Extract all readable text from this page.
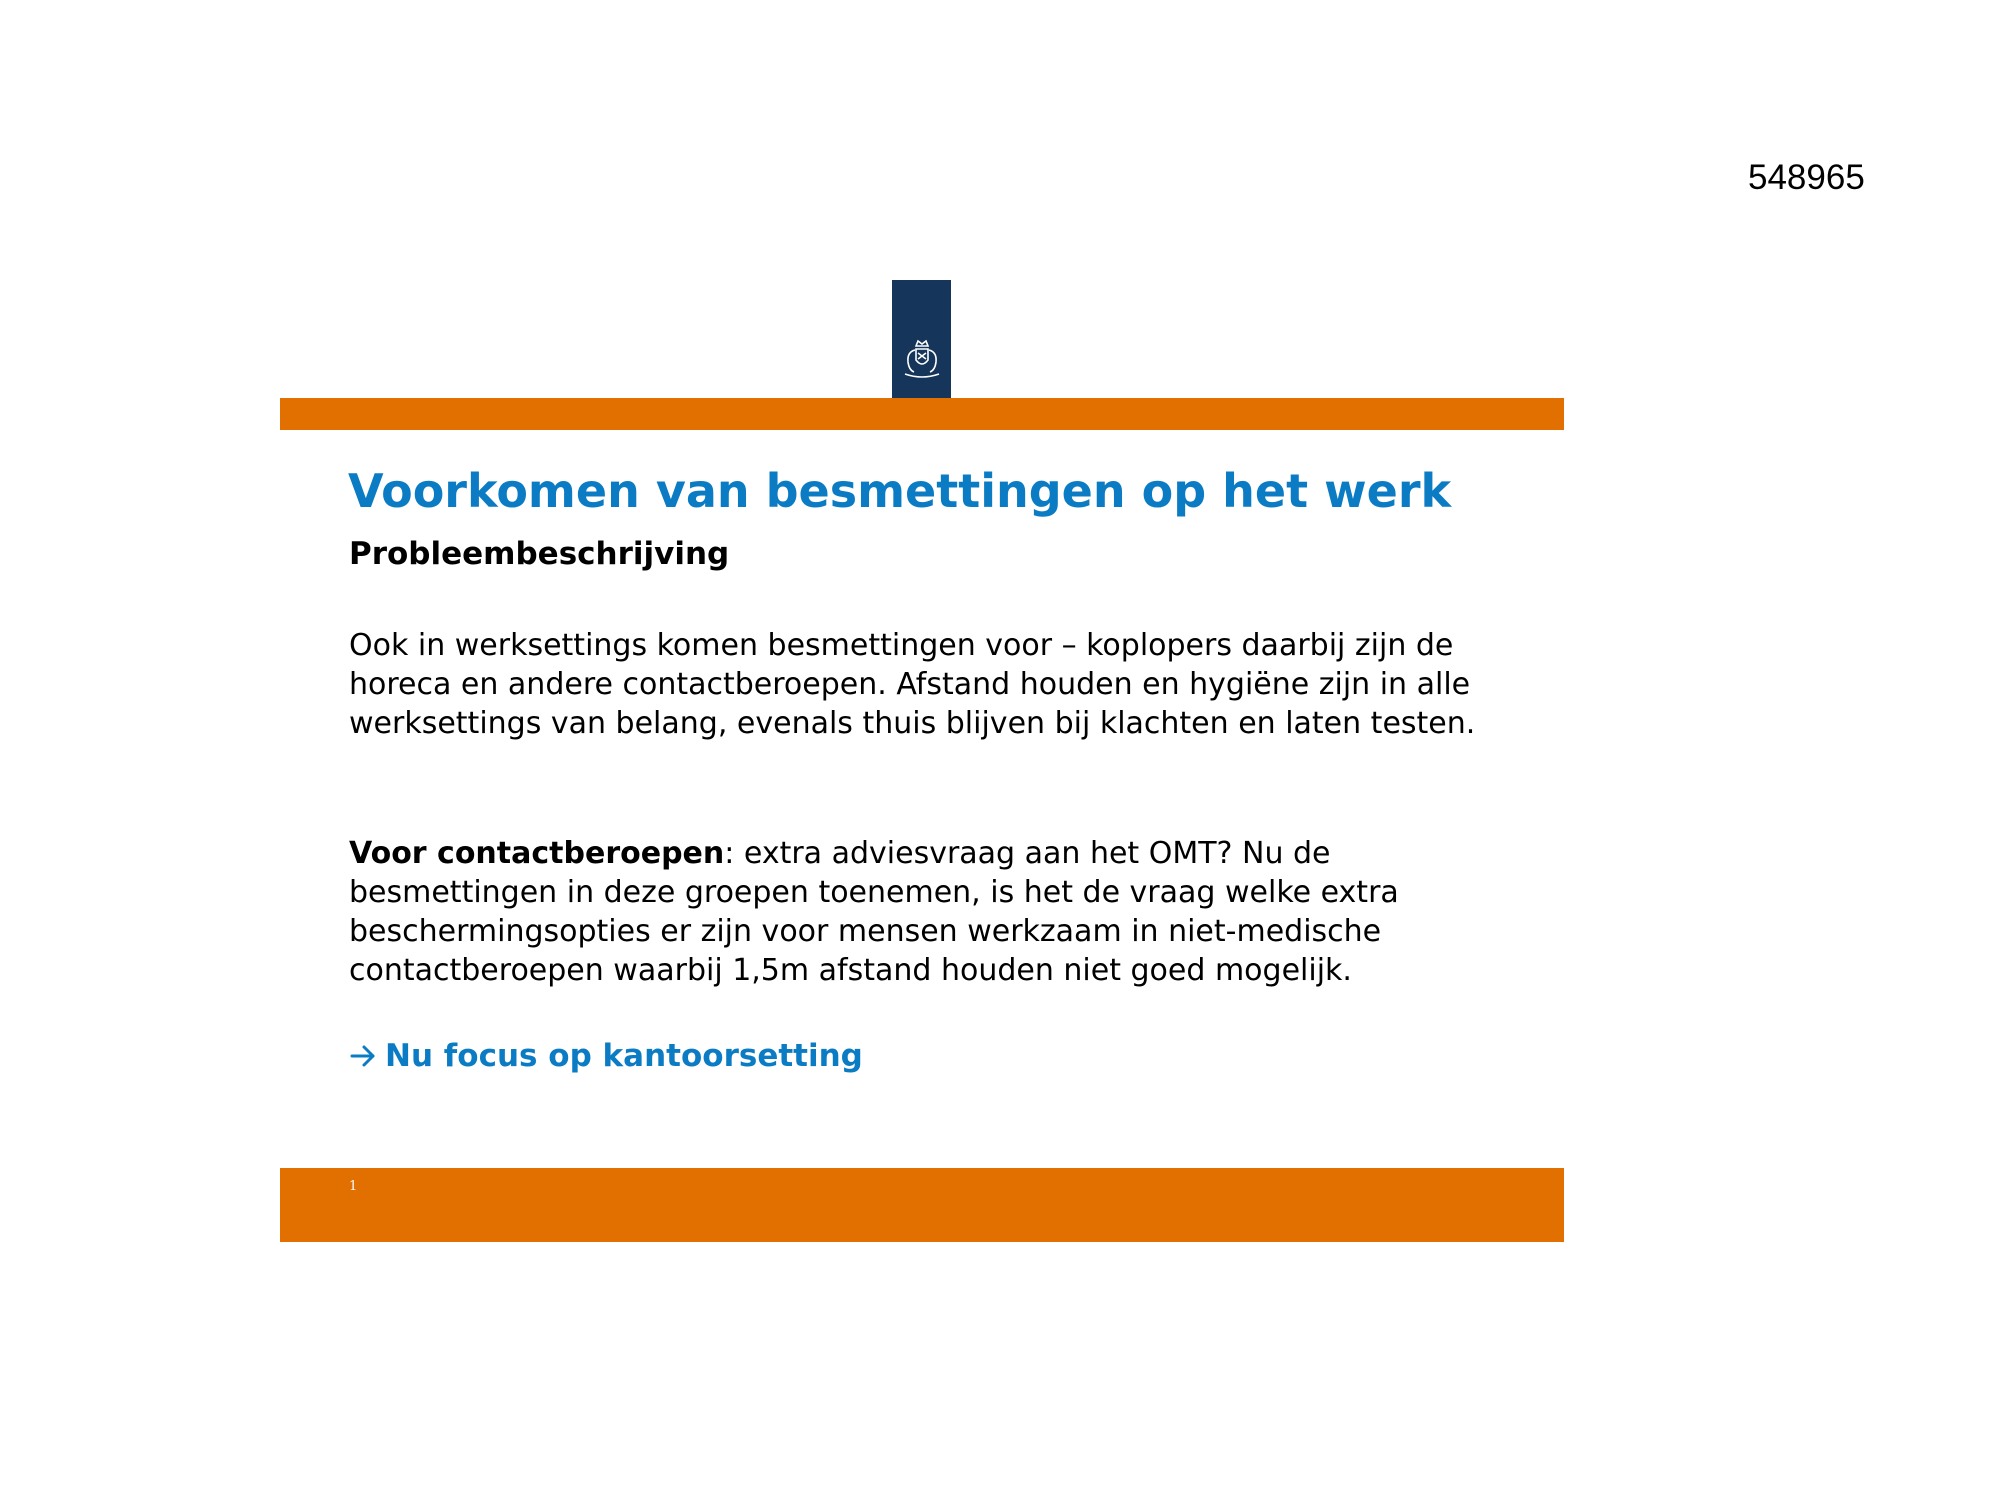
548965
Voorkomen van besmettingen op het werk
Probleembeschrijving

Ook in werksettings komen besmettingen voor – koplopers daarbij zijn de horeca en andere contactberoepen. Afstand houden en hygiëne zijn in alle werksettings van belang, evenals thuis blijven bij klachten en laten testen.

Voor contactberoepen: extra adviesvraag aan het OMT? Nu de besmettingen in deze groepen toenemen, is het de vraag welke extra beschermingsopties er zijn voor mensen werkzaam in niet-medische contactberoepen waarbij 1,5m afstand houden niet goed mogelijk.

Nu focus op kantoorsetting

1
